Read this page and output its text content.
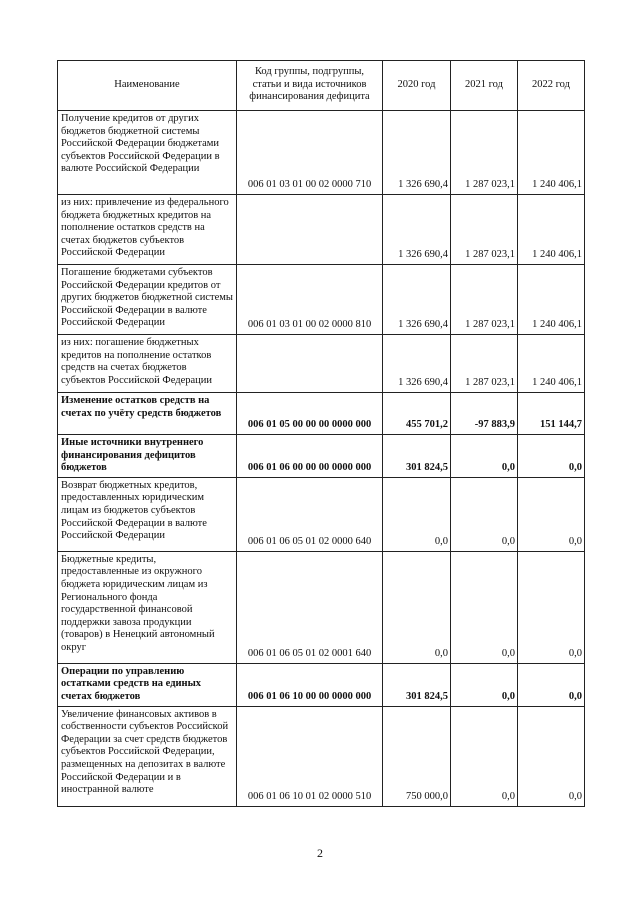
Наименование	Код группы, подгруппы, статьи и вида источников финансирования дефицита	2020 год	2021 год	2022 год
Получение кредитов от других бюджетов бюджетной системы Российской Федерации бюджетами субъектов Российской Федерации в валюте Российской Федерации	006 01 03 01 00 02 0000 710	1 326 690,4	1 287 023,1	1 240 406,1
из них: привлечение из федерального бюджета бюджетных кредитов на пополнение остатков средств на счетах бюджетов субъектов Российской Федерации		1 326 690,4	1 287 023,1	1 240 406,1
Погашение бюджетами субъектов Российской Федерации кредитов от других бюджетов бюджетной системы Российской Федерации в валюте Российской Федерации	006 01 03 01 00 02 0000 810	1 326 690,4	1 287 023,1	1 240 406,1
из них: погашение бюджетных кредитов на пополнение остатков средств на счетах бюджетов субъектов Российской Федерации		1 326 690,4	1 287 023,1	1 240 406,1
Изменение остатков средств на счетах по учёту средств бюджетов	006 01 05 00 00 00 0000 000	455 701,2	-97 883,9	151 144,7
Иные источники внутреннего финансирования дефицитов бюджетов	006 01 06 00 00 00 0000 000	301 824,5	0,0	0,0
Возврат бюджетных кредитов, предоставленных юридическим лицам из бюджетов субъектов Российской Федерации в валюте Российской Федерации	006 01 06 05 01 02 0000 640	0,0	0,0	0,0
Бюджетные кредиты, предоставленные из окружного бюджета юридическим лицам из Регионального фонда государственной финансовой поддержки завоза продукции (товаров) в Ненецкий автономный округ	006 01 06 05 01 02 0001 640	0,0	0,0	0,0
Операции по управлению остатками средств на единых счетах бюджетов	006 01 06 10 00 00 0000 000	301 824,5	0,0	0,0
Увеличение финансовых активов в собственности субъектов Российской Федерации за счет средств бюджетов субъектов Российской Федерации, размещенных на депозитах в валюте Российской Федерации и в иностранной валюте	006 01 06 10 01 02 0000 510	750 000,0	0,0	0,0
2
